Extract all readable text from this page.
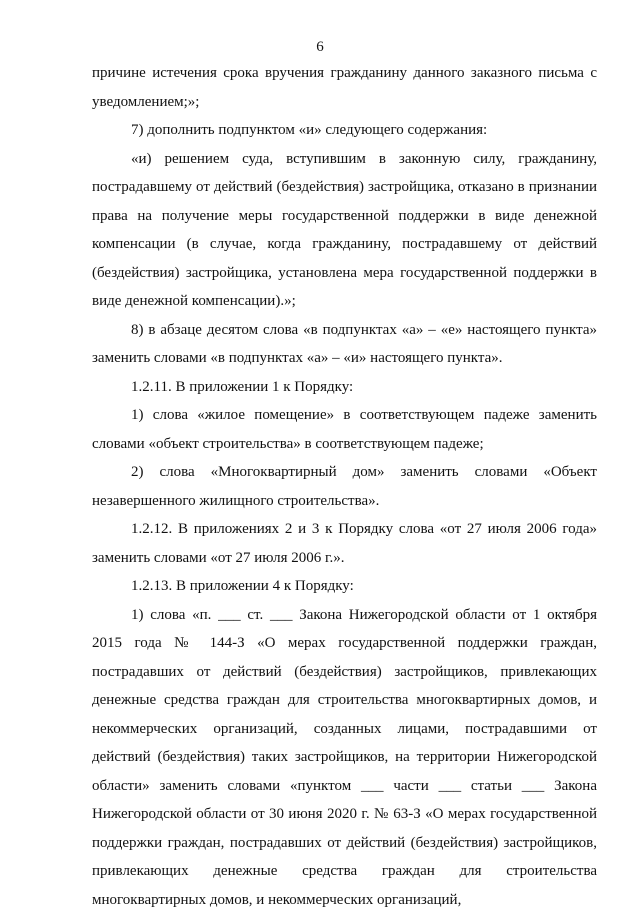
6

причине истечения срока вручения гражданину данного заказного письма с уведомлением;»;

7) дополнить подпунктом «и» следующего содержания:

«и) решением суда, вступившим в законную силу, гражданину, пострадавшему от действий (бездействия) застройщика, отказано в признании права на получение меры государственной поддержки в виде денежной компенсации (в случае, когда гражданину, пострадавшему от действий (бездействия) застройщика, установлена мера государственной поддержки в виде денежной компенсации).»;

8) в абзаце десятом слова «в подпунктах «а» – «е» настоящего пункта» заменить словами «в подпунктах «а» – «и» настоящего пункта».

1.2.11. В приложении 1 к Порядку:

1) слова «жилое помещение» в соответствующем падеже заменить словами «объект строительства» в соответствующем падеже;

2) слова «Многоквартирный дом» заменить словами «Объект незавершенного жилищного строительства».

1.2.12. В приложениях 2 и 3 к Порядку слова «от 27 июля 2006 года» заменить словами «от 27 июля 2006 г.».

1.2.13. В приложении 4 к Порядку:

1) слова «п. ___ ст. ___ Закона Нижегородской области от 1 октября 2015 года № 144-З «О мерах государственной поддержки граждан, пострадавших от действий (бездействия) застройщиков, привлекающих денежные средства граждан для строительства многоквартирных домов, и некоммерческих организаций, созданных лицами, пострадавшими от действий (бездействия) таких застройщиков, на территории Нижегородской области» заменить словами «пунктом ___ части ___ статьи ___ Закона Нижегородской области от 30 июня 2020 г. № 63-З «О мерах государственной поддержки граждан, пострадавших от действий (бездействия) застройщиков, привлекающих денежные средства граждан для строительства многоквартирных домов, и некоммерческих организаций,
